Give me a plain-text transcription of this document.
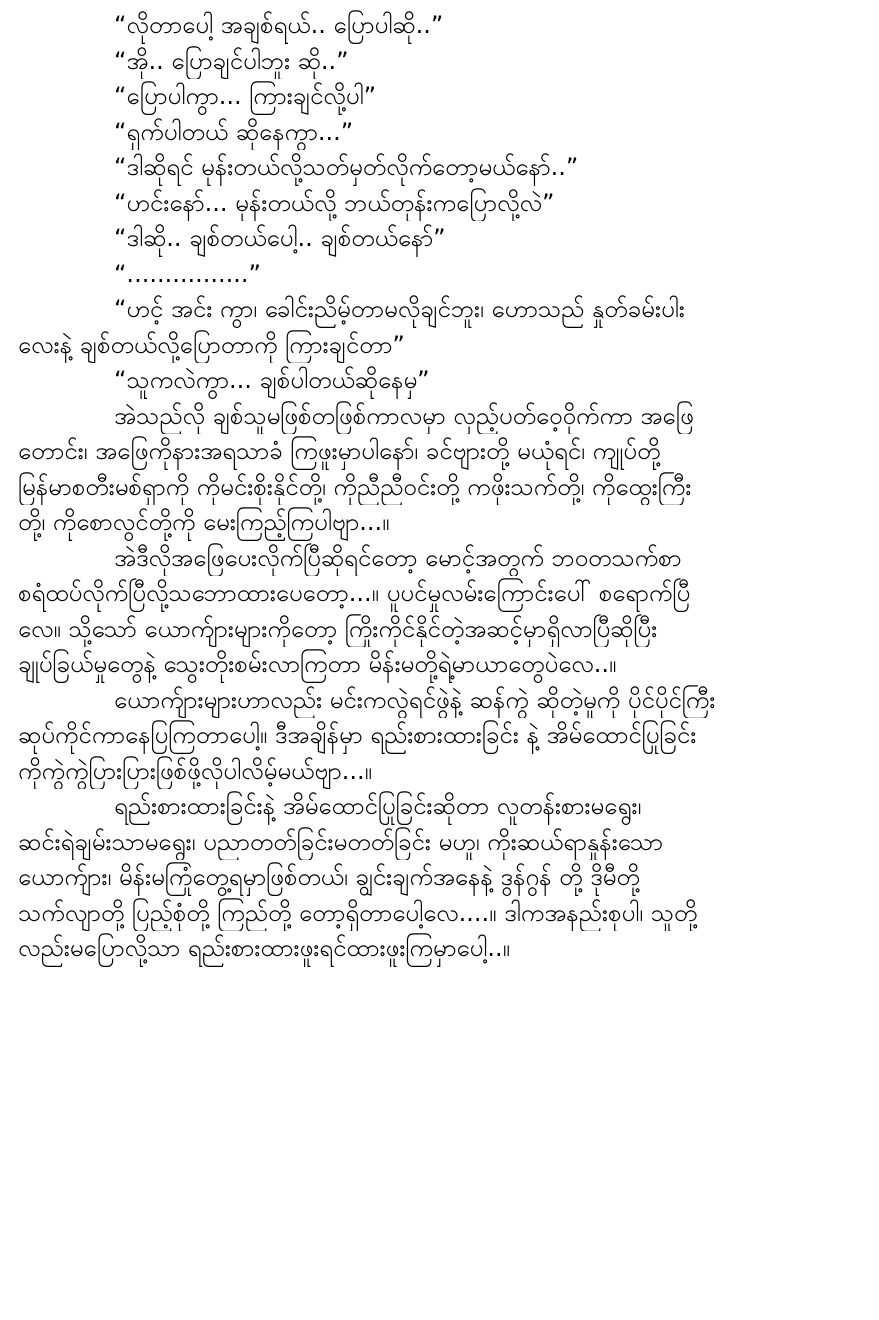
“လိုတာပေါ့ အချစ်ရယ်.. ပြောပါဆို..”
“အို.. ပြောချင်ပါဘူး ဆို..”
“ပြောပါကွာ... ကြားချင်လို့ပါ”
“ရှက်ပါတယ် ဆိုနေကွာ...”
“ဒါဆိုရင် မုန်းတယ်လို့သတ်မှတ်လိုက်တော့မယ်နော်..”
“ဟင်းနော်... မုန်းတယ်လို့ ဘယ်တုန်းကပြောလို့လဲ”
“ဒါဆို.. ချစ်တယ်ပေါ့.. ချစ်တယ်နော်”
“................”
“ဟင့် အင်း ကွာ၊ ခေါင်းညိမ့်တာမလိုချင်ဘူး၊ ဟောသည် နှုတ်ခမ်းပါး
လေးနဲ့ ချစ်တယ်လို့ပြောတာကို ကြားချင်တာ”
“သူကလဲကွာ... ချစ်ပါတယ်ဆိုနေမှ”
အဲသည်လို ချစ်သူမဖြစ်တဖြစ်ကာလမှာ လှည့်ပတ်ဝေ့ဝိုက်ကာ အဖြေ
တောင်း၊ အဖြေကိုနားအရသာခံ ကြဖူးမှာပါနော်၊ ခင်ဗျားတို့ မယုံရင်၊ ကျုပ်တို့
မြန်မာစတီးမစ်ရှာကို ကိုမင်းစိုးနိုင်တို့၊ ကိုညီညီဝင်းတို့ ကဖိုးသက်တို့၊ ကိုထွေးကြီး
တို့၊ ကိုစောလွင်တို့ကို မေးကြည့်ကြပါဗျာ...။
အဲဒီလိုအဖြေပေးလိုက်ပြီဆိုရင်တော့ မောင့်အတွက် ဘဝတသက်စာ
စရံထပ်လိုက်ပြီလို့သဘောထားပေတော့...။ ပူပင်မှုလမ်းကြောင်းပေါ် စရောက်ပြီ
လေ။ သို့သော် ယောက်ျားများကိုတော့ ကြိုးကိုင်နိုင်တဲ့အဆင့်မှာရှိလာပြီဆိုပြီး
ချုပ်ခြယ်မှုတွေနဲ့ သွေးတိုးစမ်းလာကြတာ မိန်းမတို့ရဲ့မာယာတွေပဲလေ..။
ယောက်ျားများဟာလည်း မင်းကလွဲရင်ဖွဲနဲ့ ဆန်ကွဲ ဆိုတဲ့မူကို ပိုင်ပိုင်ကြီး
ဆုပ်ကိုင်ကာနေပြကြတာပေါ့။ ဒီအချိန်မှာ ရည်းစားထားခြင်း နဲ့ အိမ်ထောင်ပြုခြင်း
ကိုကွဲကွဲပြားပြားဖြစ်ဖို့လိုပါလိမ့်မယ်ဗျာ...။
ရည်းစားထားခြင်းနဲ့ အိမ်ထောင်ပြုခြင်းဆိုတာ လူတန်းစားမရွေး၊
ဆင်းရဲချမ်းသာမရွေး၊ ပညာတတ်ခြင်းမတတ်ခြင်း မဟူ၊ ကိုးဆယ်ရာနှုန်းသော
ယောက်ျား၊ မိန်းမကြုံတွေ့ရမှာဖြစ်တယ်၊ ချွင်းချက်အနေနဲ့ ဒွန်ဂွန် တို့ ဒိုမီတို့
သက်လျာတို့ ပြည့်စုံတို့ ကြည်တို့ တော့ရှိတာပေါ့လေ....။ ဒါကအနည်းစုပါ၊ သူတို့
လည်းမပြောလို့သာ ရည်းစားထားဖူးရင်ထားဖူးကြမှာပေါ့..။
